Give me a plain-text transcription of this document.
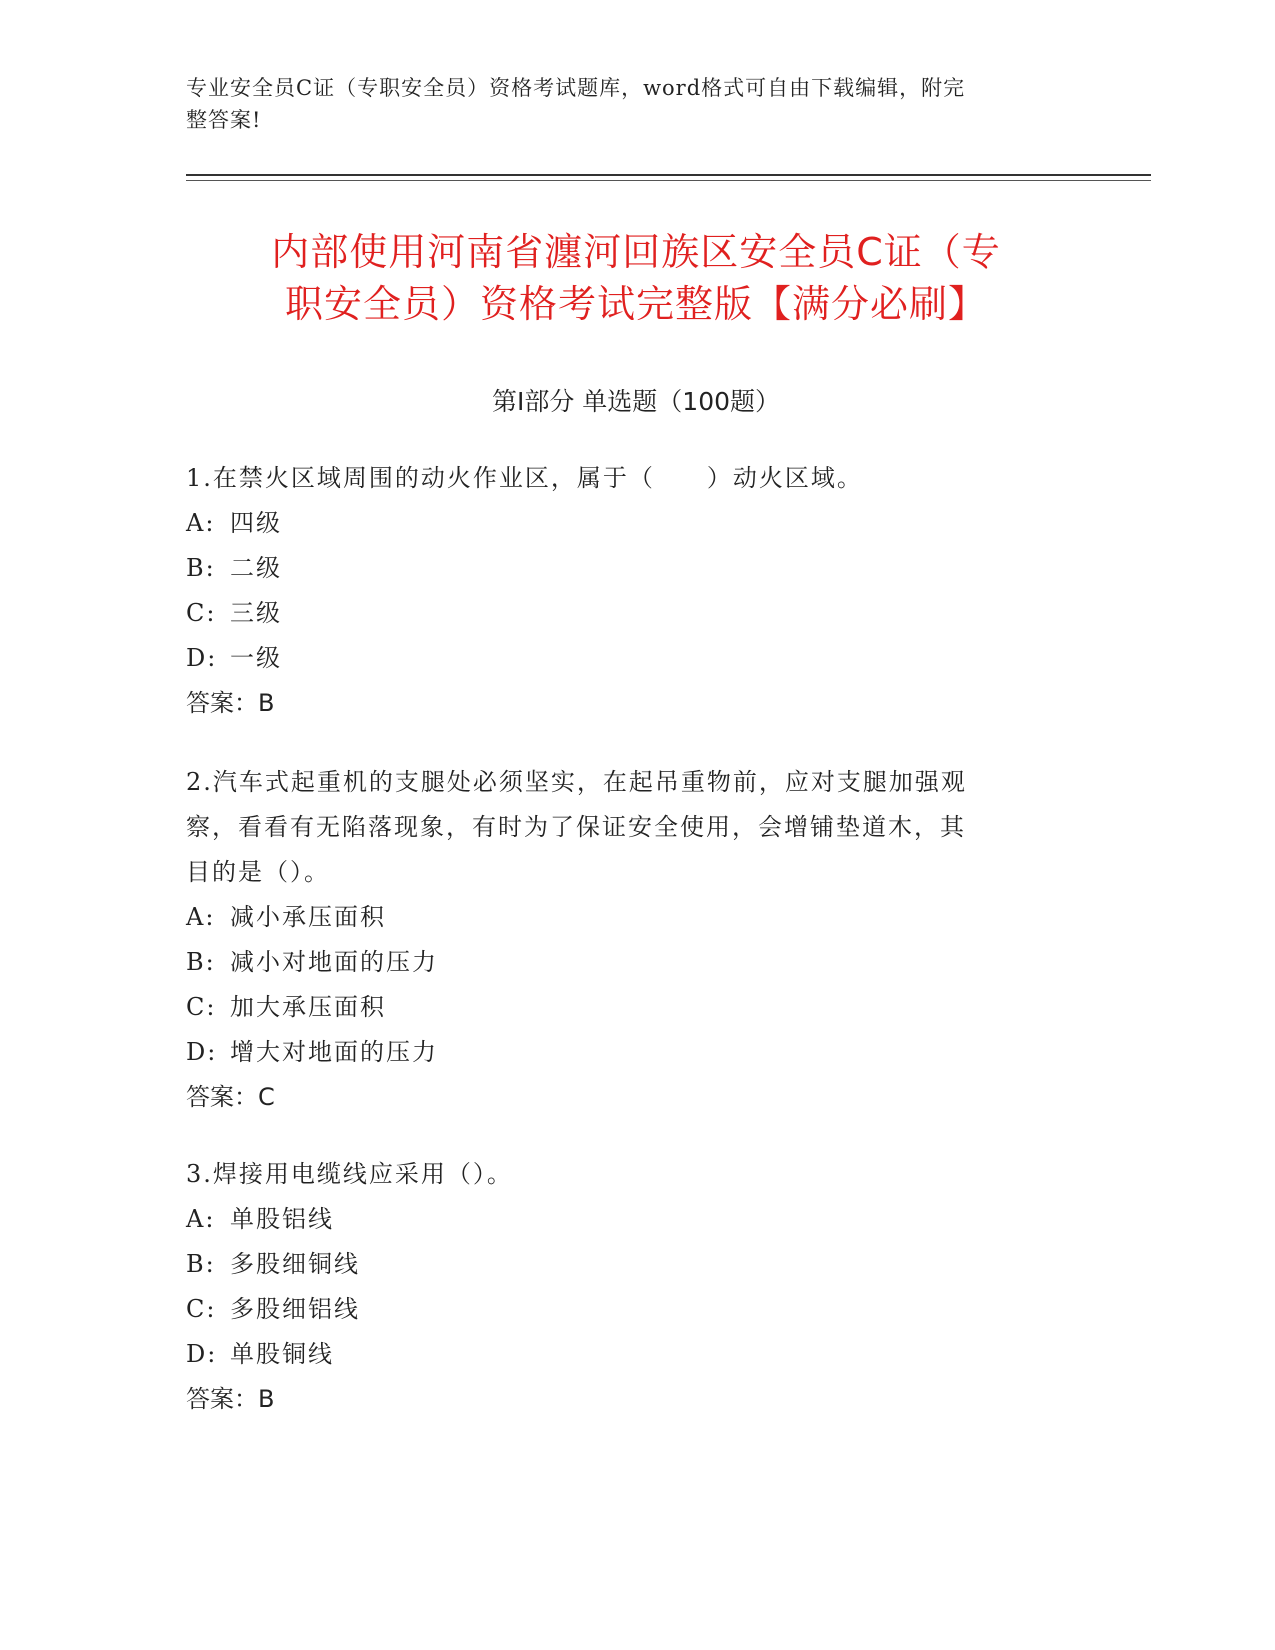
专业安全员C证（专职安全员）资格考试题库，word格式可自由下载编辑，附完
整答案!
内部使用河南省瀍河回族区安全员C证（专
职安全员）资格考试完整版【满分必刷】
第I部分 单选题（100题）

1.在禁火区域周围的动火作业区，属于（　　）动火区域。

A: 四级

B: 二级

C: 三级

D: 一级

答案：B

2.汽车式起重机的支腿处必须坚实，在起吊重物前，应对支腿加强观

察，看看有无陷落现象，有时为了保证安全使用，会增铺垫道木，其

目的是（）。

A: 减小承压面积

B: 减小对地面的压力

C: 加大承压面积

D: 增大对地面的压力

答案：C

3.焊接用电缆线应采用（）。

A: 单股铝线

B: 多股细铜线

C: 多股细铝线

D: 单股铜线

答案：B
